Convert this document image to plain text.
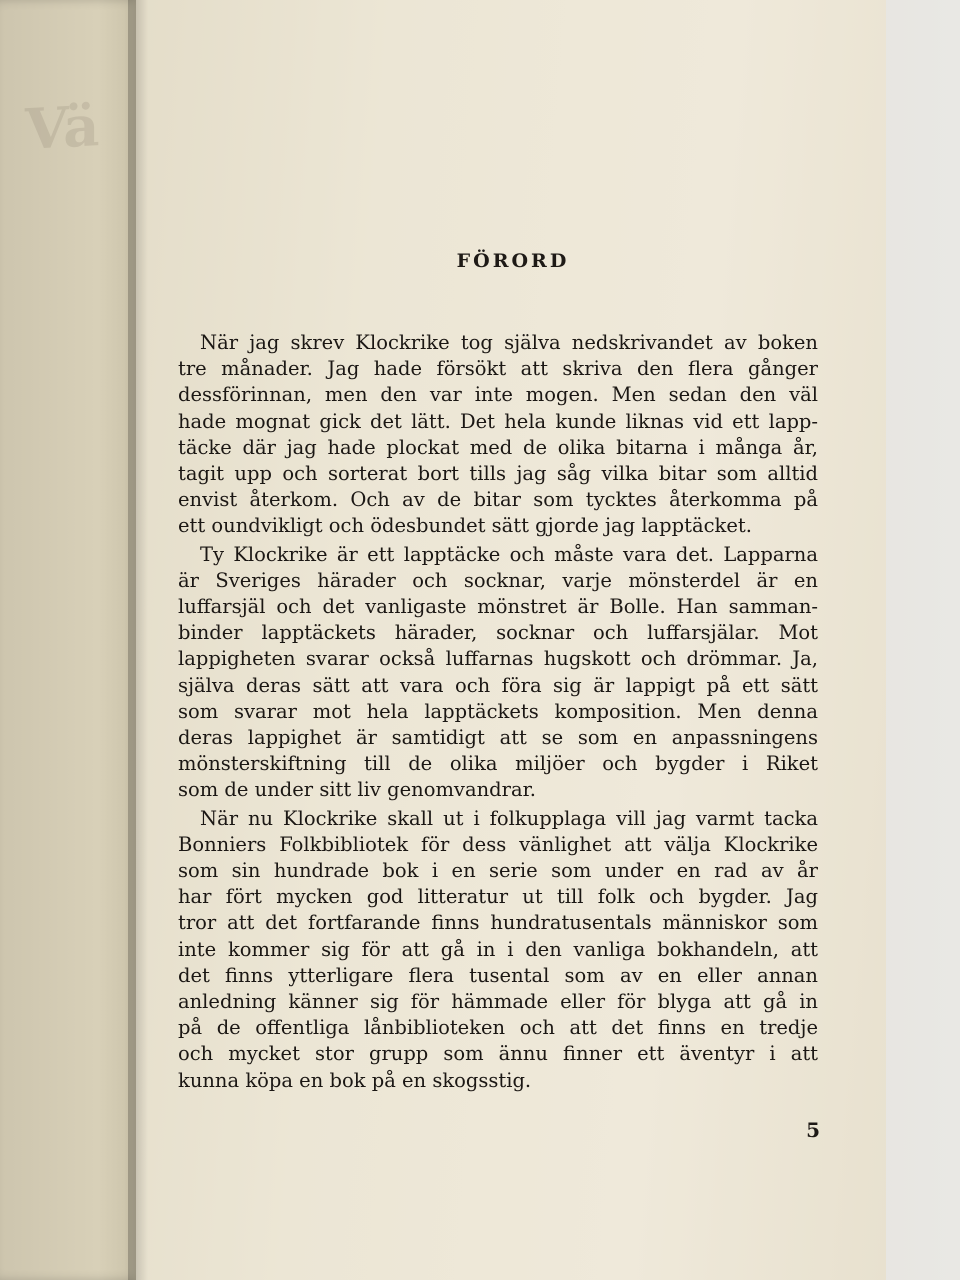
Vä
FÖRORD
När jag skrev Klockrike tog själva nedskrivandet av boken
tre månader. Jag hade försökt att skriva den flera gånger
dessförinnan, men den var inte mogen. Men sedan den väl
hade mognat gick det lätt. Det hela kunde liknas vid ett lapp-
täcke där jag hade plockat med de olika bitarna i många år,
tagit upp och sorterat bort tills jag såg vilka bitar som alltid
envist återkom. Och av de bitar som tycktes återkomma på
ett oundvikligt och ödesbundet sätt gjorde jag lapptäcket.
Ty Klockrike är ett lapptäcke och måste vara det. Lapparna
är Sveriges härader och socknar, varje mönsterdel är en
luffarsjäl och det vanligaste mönstret är Bolle. Han samman-
binder lapptäckets härader, socknar och luffarsjälar. Mot
lappigheten svarar också luffarnas hugskott och drömmar. Ja,
själva deras sätt att vara och föra sig är lappigt på ett sätt
som svarar mot hela lapptäckets komposition. Men denna
deras lappighet är samtidigt att se som en anpassningens
mönsterskiftning till de olika miljöer och bygder i Riket
som de under sitt liv genomvandrar.
När nu Klockrike skall ut i folkupplaga vill jag varmt tacka
Bonniers Folkbibliotek för dess vänlighet att välja Klockrike
som sin hundrade bok i en serie som under en rad av år
har fört mycken god litteratur ut till folk och bygder. Jag
tror att det fortfarande finns hundratusentals människor som
inte kommer sig för att gå in i den vanliga bokhandeln, att
det finns ytterligare flera tusental som av en eller annan
anledning känner sig för hämmade eller för blyga att gå in
på de offentliga lånbiblioteken och att det finns en tredje
och mycket stor grupp som ännu finner ett äventyr i att
kunna köpa en bok på en skogsstig.
5
